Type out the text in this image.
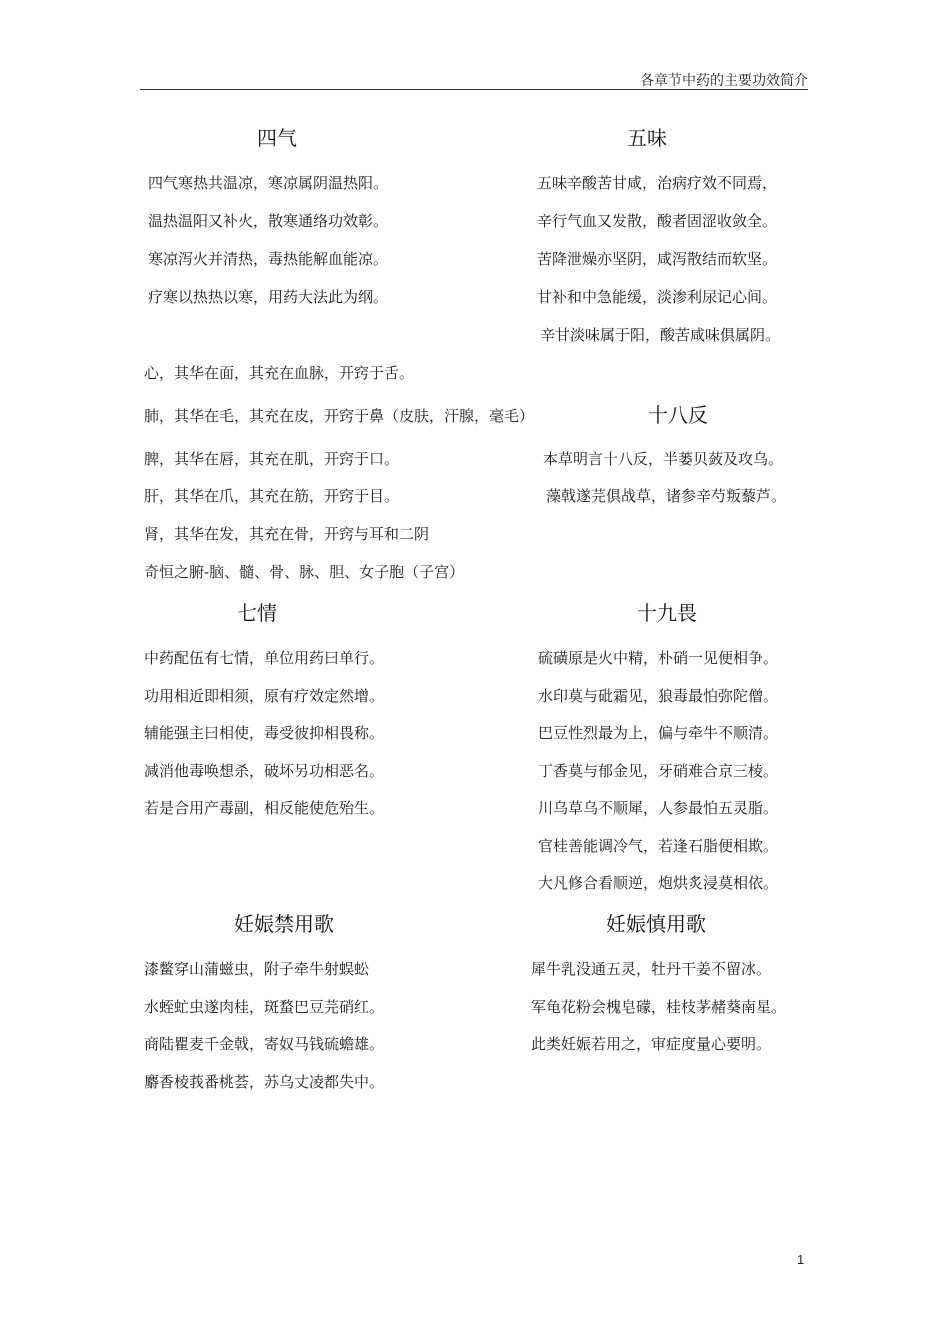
各章节中药的主要功效简介
四气
四气寒热共温凉，寒凉属阴温热阳。
温热温阳又补火，散寒通络功效彰。
寒凉泻火并清热，毒热能解血能凉。
疗寒以热热以寒，用药大法此为纲。
五味
五味辛酸苦甘咸，治病疗效不同焉，
辛行气血又发散，酸者固涩收敛全。
苦降泄燥亦坚阴，咸泻散结而软坚。
甘补和中急能缓，淡渗利尿记心间。
辛甘淡味属于阳，酸苦咸味俱属阴。
心，其华在面，其充在血脉，开窍于舌。
肺，其华在毛，其充在皮，开窍于鼻（皮肤，汗腺，毫毛）
脾，其华在唇，其充在肌，开窍于口。
肝，其华在爪，其充在筋，开窍于目。
肾，其华在发，其充在骨，开窍与耳和二阴
奇恒之腑-脑、髓、骨、脉、胆、女子胞（子宫）
十八反
本草明言十八反，半蒌贝蔹及攻乌。
藻戟遂芫俱战草，诸参辛芍叛藜芦。
七情
中药配伍有七情，单位用药曰单行。
功用相近即相须，原有疗效定然增。
辅能强主曰相使，毒受彼抑相畏称。
减消他毒唤想杀，破坏另功相恶名。
若是合用产毒副，相反能使危殆生。
十九畏
硫磺原是火中精，朴硝一见便相争。
水印莫与砒霜见，狼毒最怕弥陀僧。
巴豆性烈最为上，偏与牵牛不顺清。
丁香莫与郁金见，牙硝难合京三棱。
川乌草乌不顺犀，人参最怕五灵脂。
官桂善能调冷气，若逢石脂便相欺。
大凡修合看顺逆，炮烘炙浸莫相依。
妊娠禁用歌
漆鳖穿山蒲螆虫，附子牵牛射蜈蚣
水蛭虻虫遂肉桂，斑蝥巴豆芫硝红。
商陆瞿麦千金戟，寄奴马钱硫蟾雄。
麝香棱莪番桃荟，苏乌丈凌都失中。
妊娠慎用歌
犀牛乳没通五灵，牡丹干姜不留冰。
军龟花粉会槐皂礞，桂枝茅赭葵南星。
此类妊娠若用之，审症度量心要明。
1
